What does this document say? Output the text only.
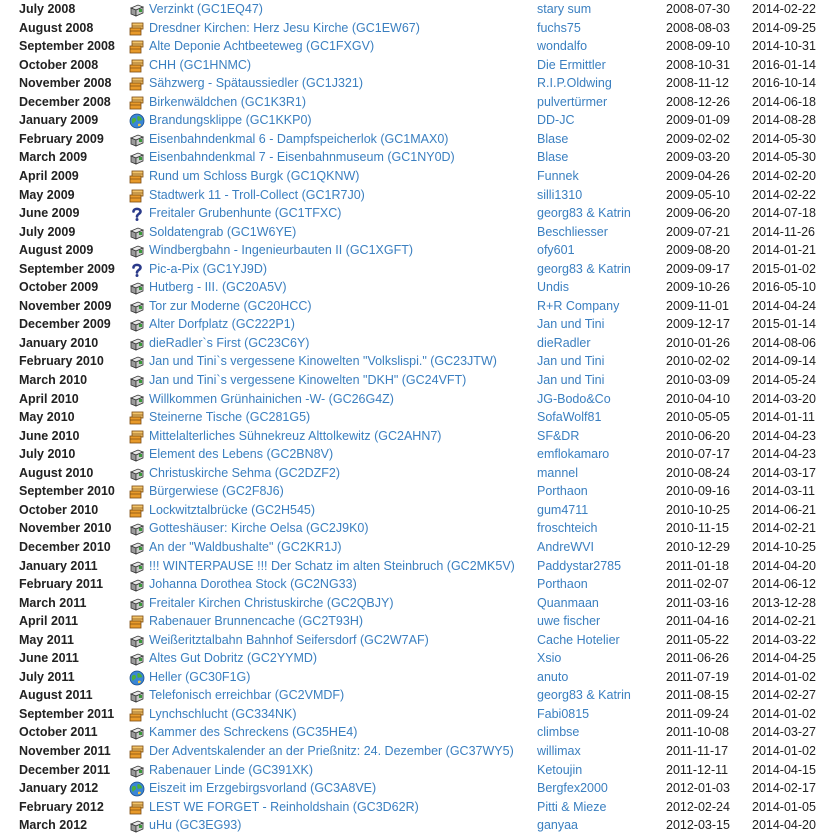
July 2008	Verzinkt (GC1EQ47)	stary sum	2008-07-30 2014-02-22
August 2008	Dresdner Kirchen: Herz Jesu Kirche (GC1EW67)	fuchs75	2008-08-03 2014-09-25
September 2008	Alte Deponie Achtbeeteweg (GC1FXGV)	wondalfo	2008-09-10 2014-10-31
October 2008	CHH (GC1HNMC)	Die Ermittler	2008-10-31 2016-01-14
November 2008	Sähzwerg - Spätaussiedler (GC1J321)	R.I.P.Oldwing	2008-11-12 2016-10-14
December 2008	Birkenwäldchen (GC1K3R1)	pulvertürmer	2008-12-26 2014-06-18
January 2009	Brandungsklippe (GC1KKP0)	DD-JC	2009-01-09 2014-08-28
February 2009	Eisenbahndenkmal 6 - Dampfspeicherlok (GC1MAX0)	Blase	2009-02-02 2014-05-30
March 2009	Eisenbahndenkmal 7 - Eisenbahnmuseum (GC1NY0D)	Blase	2009-03-20 2014-05-30
April 2009	Rund um Schloss Burgk (GC1QKNW)	Funnek	2009-04-26 2014-02-20
May 2009	Stadtwerk 11 - Troll-Collect (GC1R7J0)	silli1310	2009-05-10 2014-02-22
June 2009	Freitaler Grubenhunte (GC1TFXC)	georg83 & Katrin	2009-06-20 2014-07-18
July 2009	Soldatengrab (GC1W6YE)	Beschliesser	2009-07-21 2014-11-26
August 2009	Windbergbahn - Ingenieurbauten II (GC1XGFT)	ofy601	2009-08-20 2014-01-21
September 2009	Pic-a-Pix (GC1YJ9D)	georg83 & Katrin	2009-09-17 2015-01-02
October 2009	Hutberg - III. (GC20A5V)	Undis	2009-10-26 2016-05-10
November 2009	Tor zur Moderne (GC20HCC)	R+R Company	2009-11-01 2014-04-24
December 2009	Alter Dorfplatz (GC222P1)	Jan und Tini	2009-12-17 2015-01-14
January 2010	dieRadler`s First (GC23C6Y)	dieRadler	2010-01-26 2014-08-06
February 2010	Jan und Tini`s vergessene Kinowelten "Volkslispi." (GC23JTW)	Jan und Tini	2010-02-02 2014-09-14
March 2010	Jan und Tini`s vergessene Kinowelten "DKH" (GC24VFT)	Jan und Tini	2010-03-09 2014-05-24
April 2010	Willkommen Grünhainichen -W- (GC26G4Z)	JG-Bodo&Co	2010-04-10 2014-03-20
May 2010	Steinerne Tische (GC281G5)	SofaWolf81	2010-05-05 2014-01-11
June 2010	Mittelalterliches Sühnekreuz Alttolkewitz (GC2AHN7)	SF&DR	2010-06-20 2014-04-23
July 2010	Element des Lebens (GC2BN8V)	emflokamaro	2010-07-17 2014-04-23
August 2010	Christuskirche Sehma (GC2DZF2)	mannel	2010-08-24 2014-03-17
September 2010	Bürgerwiese (GC2F8J6)	Porthaon	2010-09-16 2014-03-11
October 2010	Lockwitztalbrücke (GC2H545)	gum4711	2010-10-25 2014-06-21
November 2010	Gotteshäuser: Kirche Oelsa (GC2J9K0)	froschteich	2010-11-15 2014-02-21
December 2010	An der "Waldbushalte" (GC2KR1J)	AndreWVI	2010-12-29 2014-10-25
January 2011	!!! WINTERPAUSE !!! Der Schatz im alten Steinbruch (GC2MK5V) Paddystar2785	2011-01-18 2014-04-20
February 2011	Johanna Dorothea Stock (GC2NG33)	Porthaon	2011-02-07 2014-06-12
March 2011	Freitaler Kirchen Christuskirche (GC2QBJY)	Quanmaan	2011-03-16 2013-12-28
April 2011	Rabenauer Brunnencache (GC2T93H)	uwe fischer	2011-04-16 2014-02-21
May 2011	Weißeritztalbahn Bahnhof Seifersdorf (GC2W7AF)	Cache Hotelier	2011-05-22 2014-03-22
June 2011	Altes Gut Dobritz (GC2YYMD)	Xsio	2011-06-26 2014-04-25
July 2011	Heller (GC30F1G)	anuto	2011-07-19 2014-01-02
August 2011	Telefonisch erreichbar (GC2VMDF)	georg83 & Katrin	2011-08-15 2014-02-27
September 2011	Lynchschlucht (GC334NK)	Fabi0815	2011-09-24 2014-01-02
October 2011	Kammer des Schreckens (GC35HE4)	climbse	2011-10-08 2014-03-27
November 2011	Der Adventskalender an der Prießnitz: 24. Dezember (GC37WY5) willimax	2011-11-17 2014-01-02
December 2011	Rabenauer Linde (GC391XK)	Ketoujin	2011-12-11 2014-04-15
January 2012	Eiszeit im Erzgebirgsvorland (GC3A8VE)	Bergfex2000	2012-01-03 2014-02-17
February 2012	LEST WE FORGET - Reinholdshain (GC3D62R)	Pitti & Mieze	2012-02-24 2014-01-05
March 2012	uHu (GC3EG93)	ganyaa	2012-03-15 2014-04-20
